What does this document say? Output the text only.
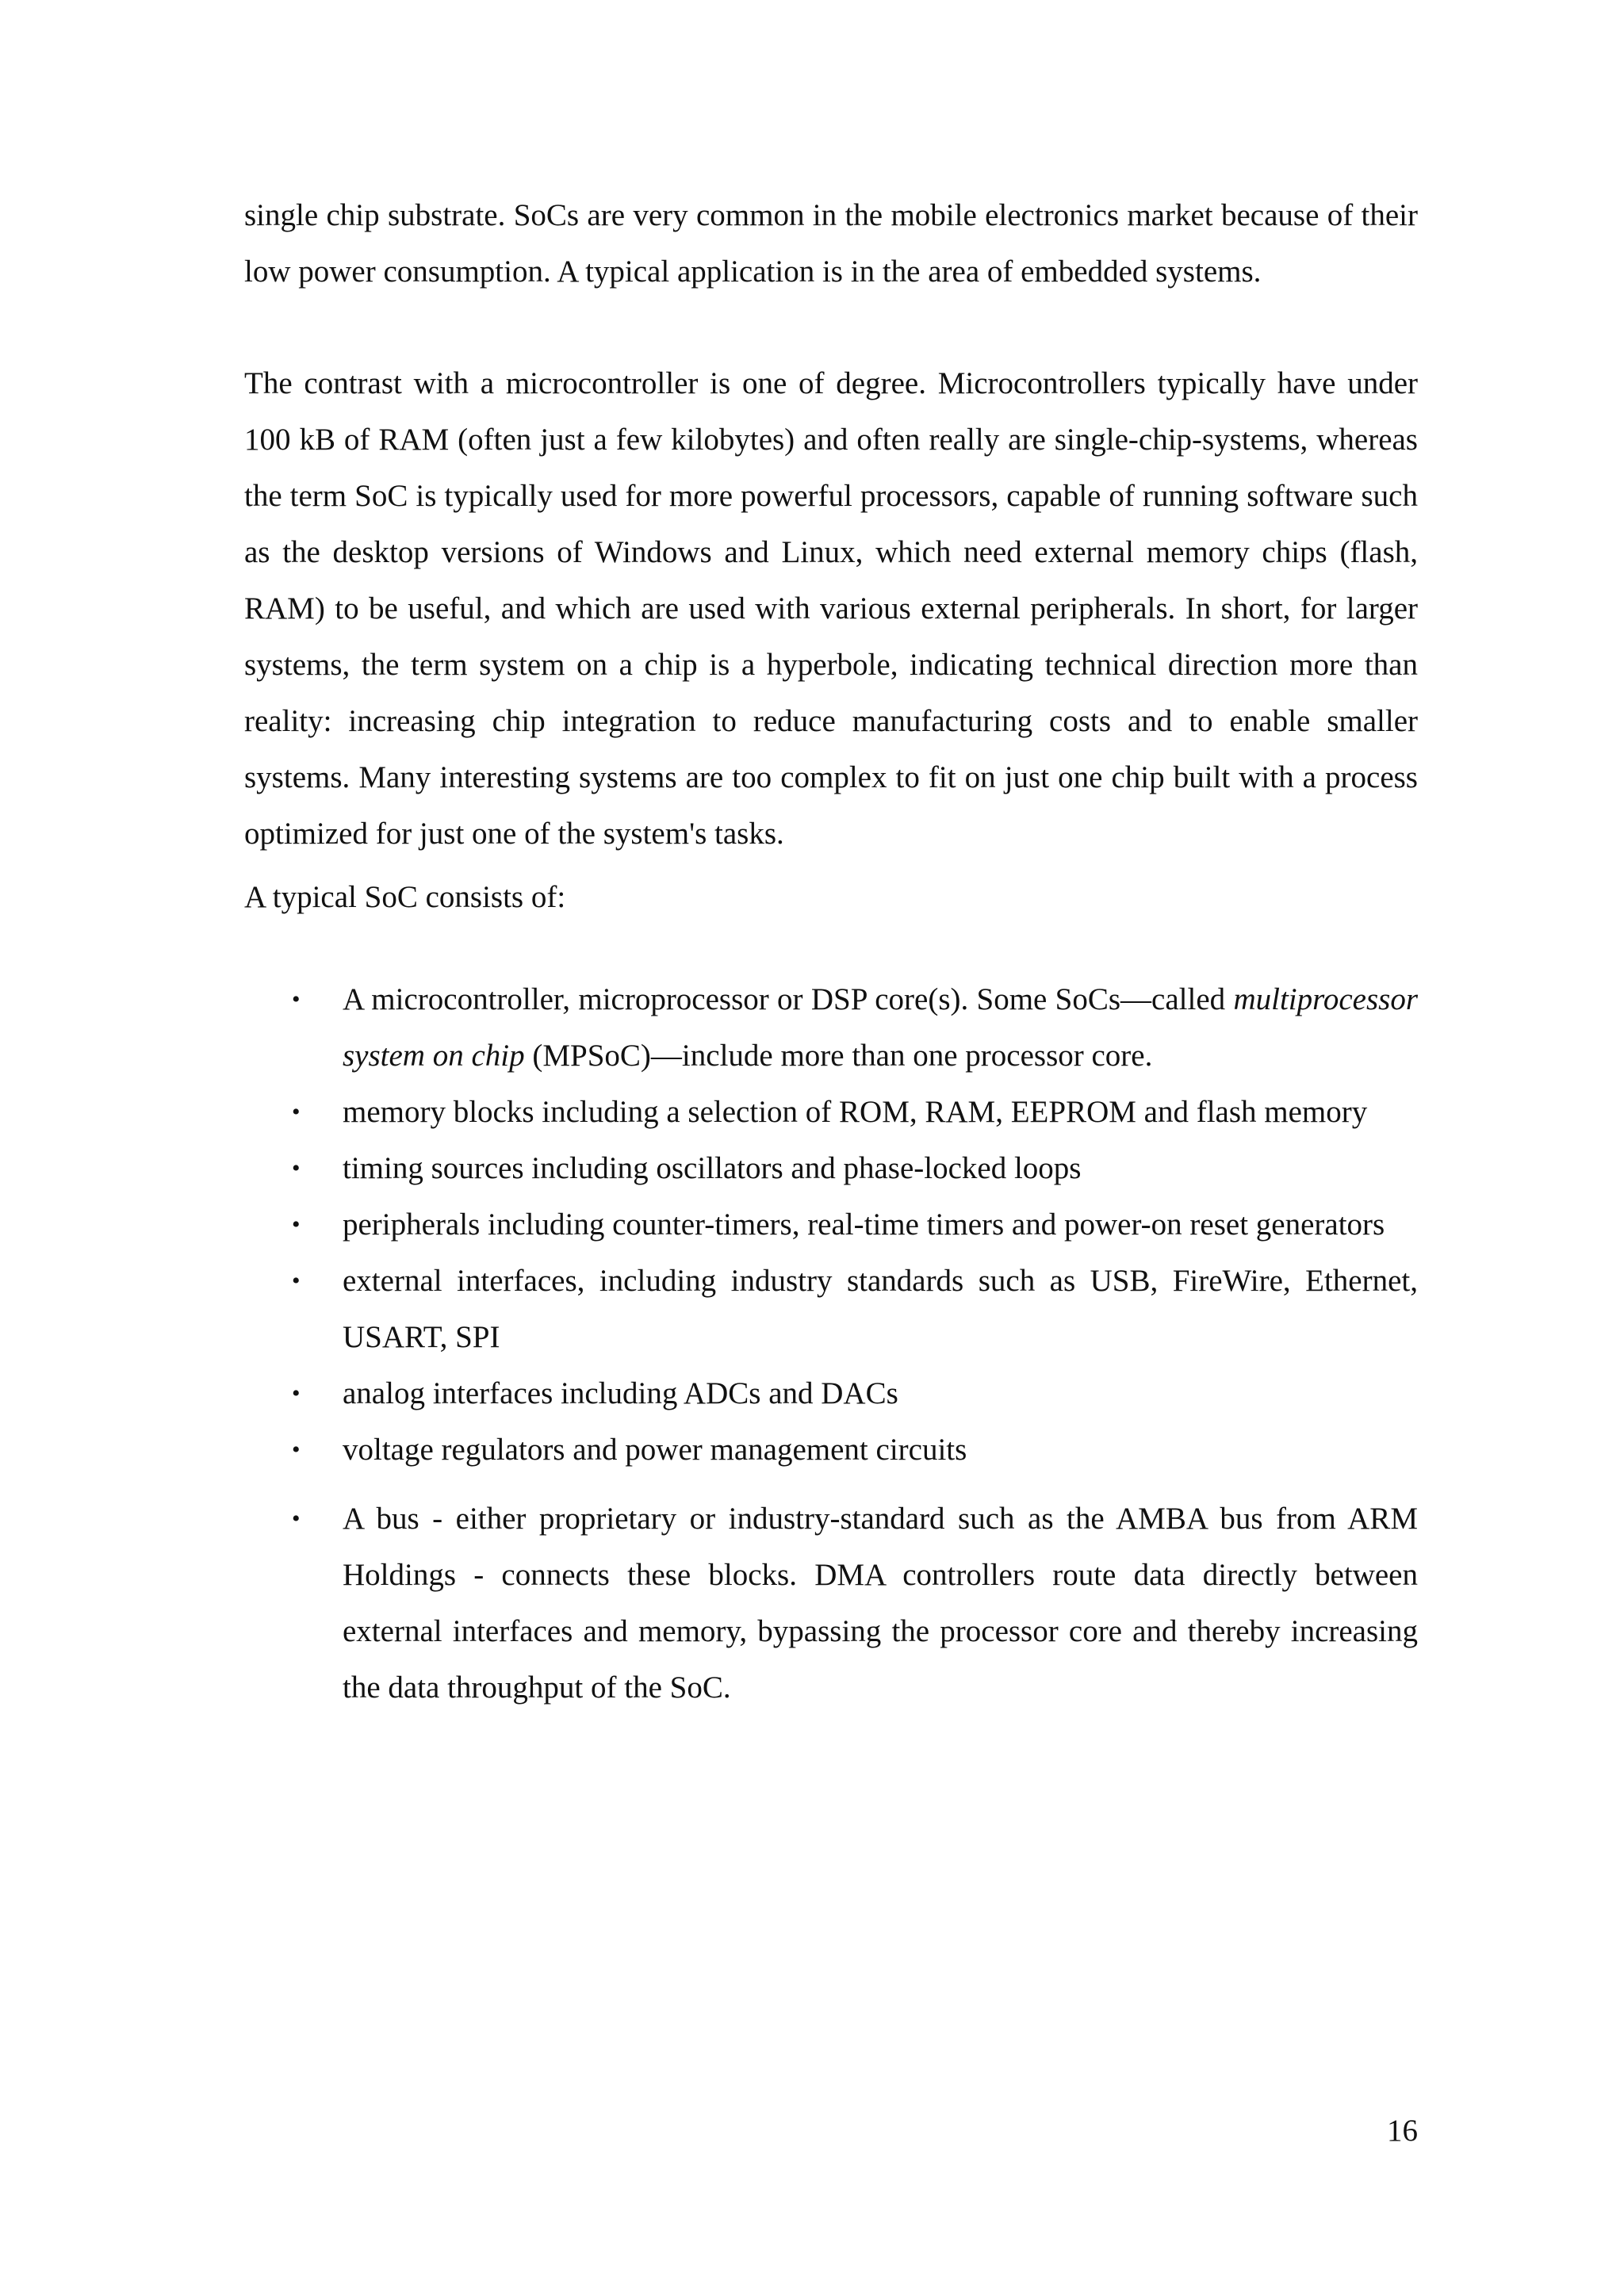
single chip substrate. SoCs are very common in the mobile electronics market because of their low power consumption. A typical application is in the area of embedded systems.

The contrast with a microcontroller is one of degree. Microcontrollers typically have under 100 kB of RAM (often just a few kilobytes) and often really are single-chip-systems, whereas the term SoC is typically used for more powerful processors, capable of running software such as the desktop versions of Windows and Linux, which need external memory chips (flash, RAM) to be useful, and which are used with various external peripherals. In short, for larger systems, the term system on a chip is a hyperbole, indicating technical direction more than reality: increasing chip integration to reduce manufacturing costs and to enable smaller systems. Many interesting systems are too complex to fit on just one chip built with a process optimized for just one of the system's tasks.

A typical SoC consists of:

• A microcontroller, microprocessor or DSP core(s). Some SoCs—called multiprocessor system on chip (MPSoC)—include more than one processor core.
• memory blocks including a selection of ROM, RAM, EEPROM and flash memory
• timing sources including oscillators and phase-locked loops
• peripherals including counter-timers, real-time timers and power-on reset generators
• external interfaces, including industry standards such as USB, FireWire, Ethernet, USART, SPI
• analog interfaces including ADCs and DACs
• voltage regulators and power management circuits
• A bus - either proprietary or industry-standard such as the AMBA bus from ARM Holdings - connects these blocks. DMA controllers route data directly between external interfaces and memory, bypassing the processor core and thereby increasing the data throughput of the SoC.
16
